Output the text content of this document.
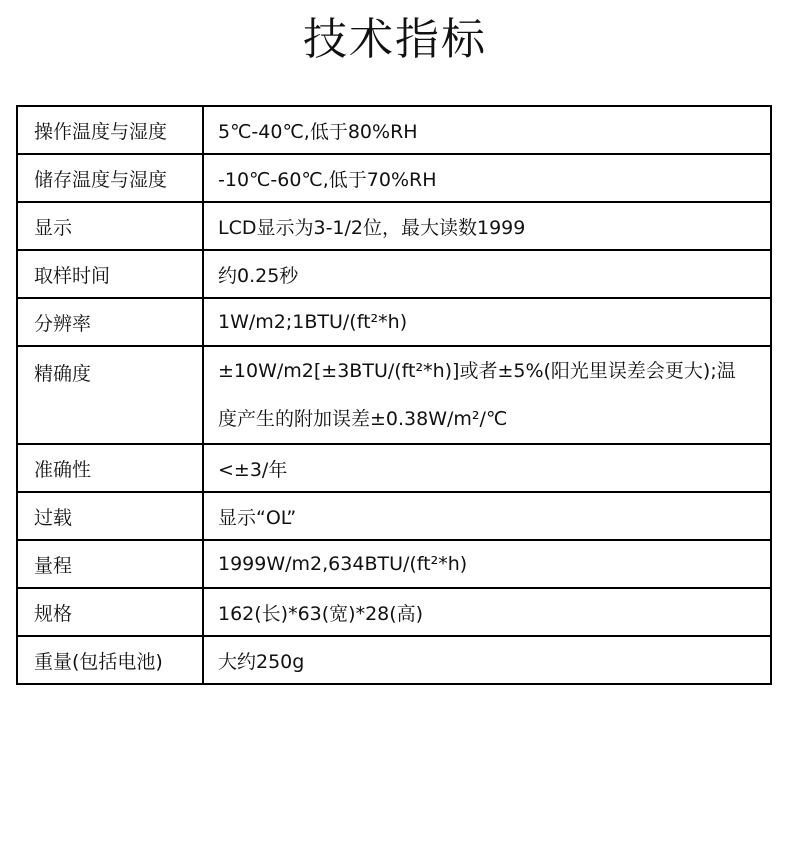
技术指标
操作温度与湿度	5℃-40℃,低于80%RH
储存温度与湿度	-10℃-60℃,低于70%RH
显示	LCD显示为3-1/2位，最大读数1999
取样时间	约0.25秒
分辨率	1W/m2;1BTU/(ft²*h)
精确度	±10W/m2[±3BTU/(ft²*h)]或者±5%(阳光里误差会更大);温度产生的附加误差±0.38W/m²/℃
准确性	<±3/年
过载	显示“OL”
量程	1999W/m2,634BTU/(ft²*h)
规格	162(长)*63(宽)*28(高)
重量(包括电池)	大约250g
